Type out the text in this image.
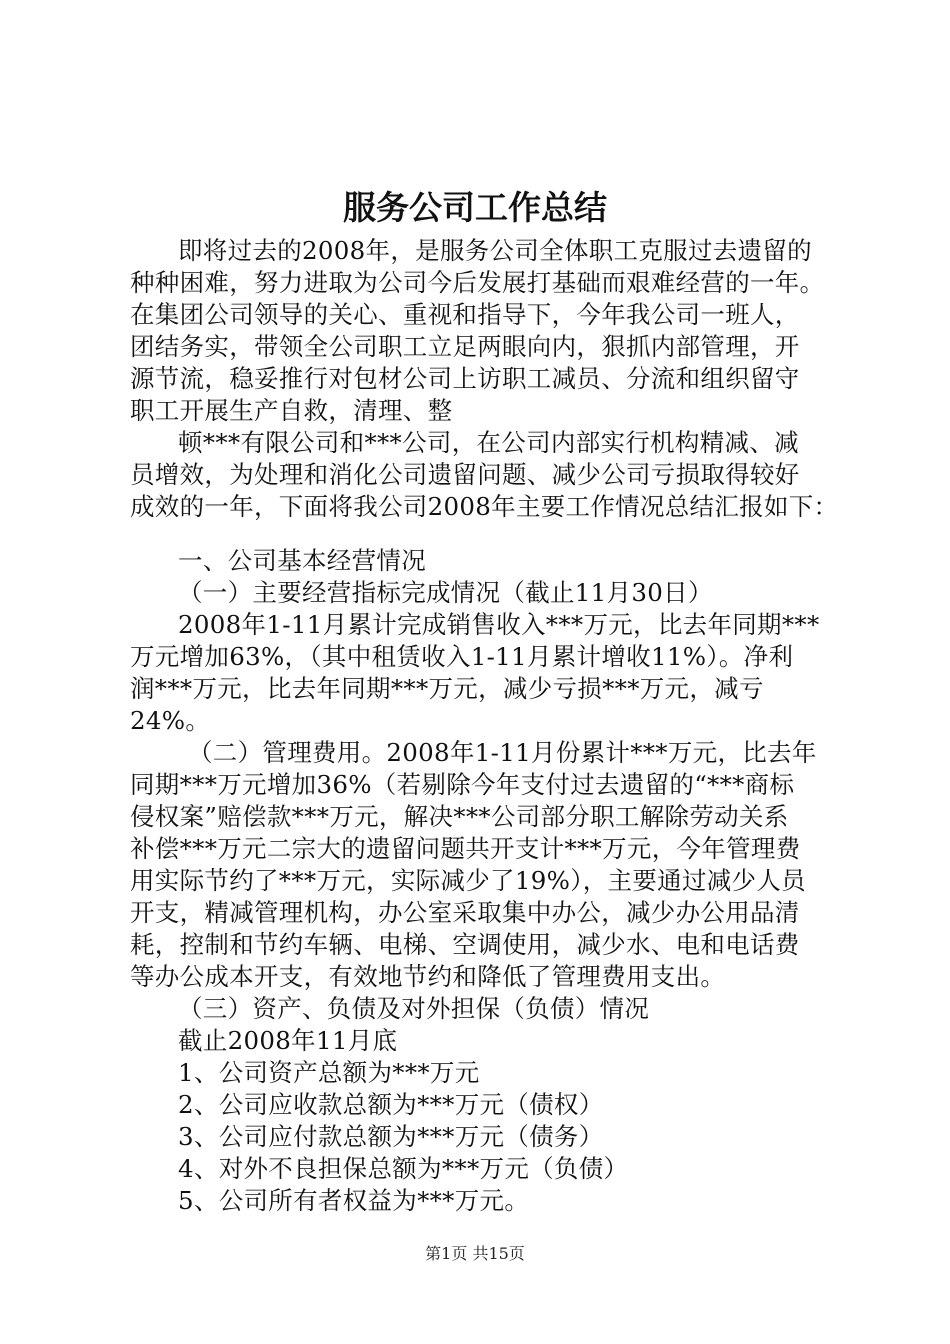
服务公司工作总结
即将过去的2008年，是服务公司全体职工克服过去遗留的
种种困难，努力进取为公司今后发展打基础而艰难经营的一年。
在集团公司领导的关心、重视和指导下，今年我公司一班人，
团结务实，带领全公司职工立足两眼向内，狠抓内部管理，开
源节流，稳妥推行对包材公司上访职工减员、分流和组织留守
职工开展生产自救，清理、整
顿***有限公司和***公司，在公司内部实行机构精减、减
员增效，为处理和消化公司遗留问题、减少公司亏损取得较好
成效的一年，下面将我公司2008年主要工作情况总结汇报如下：
一、公司基本经营情况
（一）主要经营指标完成情况（截止11月30日）
2008年1-11月累计完成销售收入***万元，比去年同期***
万元增加63%，（其中租赁收入1-11月累计增收11%）。净利
润***万元，比去年同期***万元，减少亏损***万元，减亏
24%。
（二）管理费用。2008年1-11月份累计***万元，比去年
同期***万元增加36%（若剔除今年支付过去遗留的“***商标
侵权案”赔偿款***万元，解决***公司部分职工解除劳动关系
补偿***万元二宗大的遗留问题共开支计***万元，今年管理费
用实际节约了***万元，实际减少了19%），主要通过减少人员
开支，精减管理机构，办公室采取集中办公，减少办公用品清
耗，控制和节约车辆、电梯、空调使用，减少水、电和电话费
等办公成本开支，有效地节约和降低了管理费用支出。
（三）资产、负债及对外担保（负债）情况
截止2008年11月底
1、公司资产总额为***万元
2、公司应收款总额为***万元（债权）
3、公司应付款总额为***万元（债务）
4、对外不良担保总额为***万元（负债）
5、公司所有者权益为***万元。
第1页 共15页
